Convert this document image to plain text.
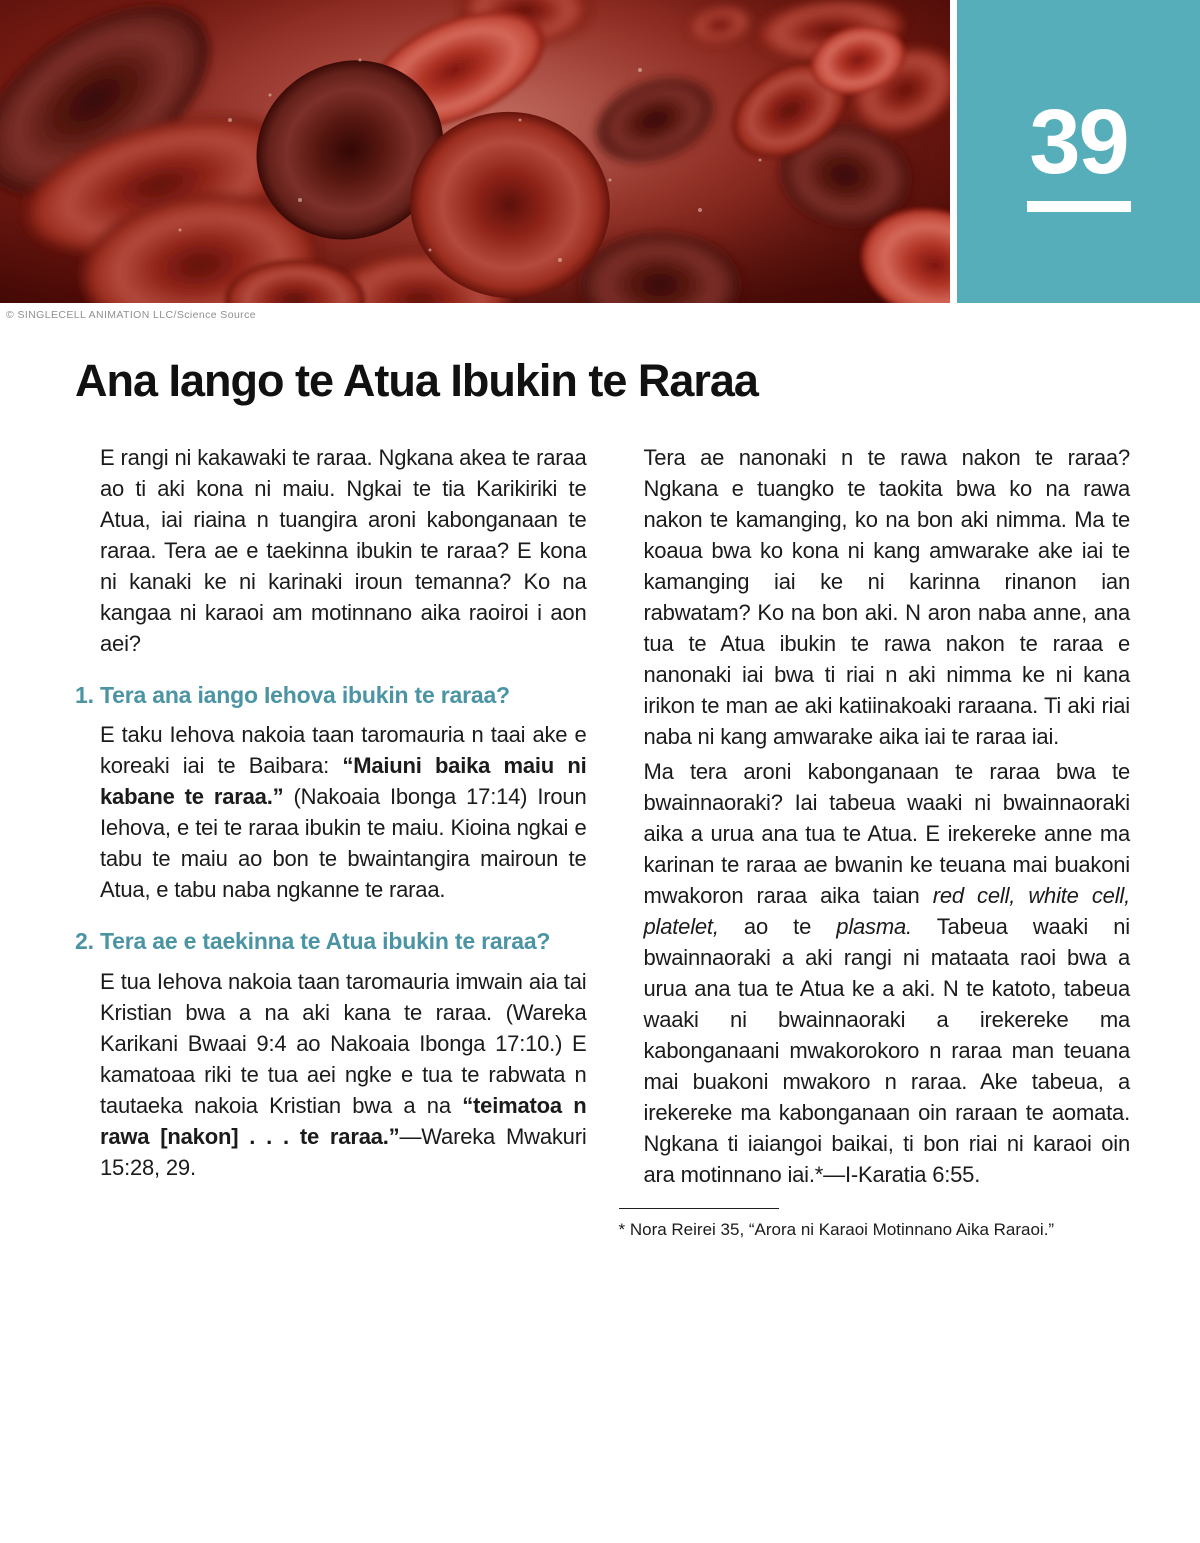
39
© SINGLECELL ANIMATION LLC/Science Source
Ana Iango te Atua Ibukin te Raraa

E rangi ni kakawaki te raraa. Ngkana akea te raraa ao ti aki kona ni maiu. Ngkai te tia Karikiriki te Atua, iai riaina n tuangira aroni kabonganaan te raraa. Tera ae e taekinna ibukin te raraa? E kona ni kanaki ke ni karinaki iroun temanna? Ko na kangaa ni karaoi am motinnano aika raoiroi i aon aei?

1. Tera ana iango Iehova ibukin te raraa?

E taku Iehova nakoia taan taromauria n taai ake e koreaki iai te Baibara: “Maiuni baika maiu ni kabane te raraa.” (Nakoaia Ibonga 17:14) Iroun Iehova, e tei te raraa ibukin te maiu. Kioina ngkai e tabu te maiu ao bon te bwaintangira mairoun te Atua, e tabu naba ngkanne te raraa.

2. Tera ae e taekinna te Atua ibukin te raraa?

E tua Iehova nakoia taan taromauria imwain aia tai Kristian bwa a na aki kana te raraa. (Wareka Karikani Bwaai 9:4 ao Nakoaia Ibonga 17:10.) E kamatoaa riki te tua aei ngke e tua te rabwata n tautaeka nakoia Kristian bwa a na “teimatoa n rawa [nakon] . . . te raraa.”—Wareka Mwakuri 15:28, 29.

Tera ae nanonaki n te rawa nakon te raraa? Ngkana e tuangko te taokita bwa ko na rawa nakon te kamanging, ko na bon aki nimma. Ma te koaua bwa ko kona ni kang amwarake ake iai te kamanging iai ke ni karinna rinanon ian rabwatam? Ko na bon aki. N aron naba anne, ana tua te Atua ibukin te rawa nakon te raraa e nanonaki iai bwa ti riai n aki nimma ke ni kana irikon te man ae aki katiinakoaki raraana. Ti aki riai naba ni kang amwarake aika iai te raraa iai.

Ma tera aroni kabonganaan te raraa bwa te bwainnaoraki? Iai tabeua waaki ni bwainnaoraki aika a urua ana tua te Atua. E irekereke anne ma karinan te raraa ae bwanin ke teuana mai buakoni mwakoron raraa aika taian red cell, white cell, platelet, ao te plasma. Tabeua waaki ni bwainnaoraki a aki rangi ni mataata raoi bwa a urua ana tua te Atua ke a aki. N te katoto, tabeua waaki ni bwainnaoraki a irekereke ma kabonganaani mwakorokoro n raraa man teuana mai buakoni mwakoro n raraa. Ake tabeua, a irekereke ma kabonganaan oin raraan te aomata. Ngkana ti iaiangoi baikai, ti bon riai ni karaoi oin ara motinnano iai.*—I-Karatia 6:55.

* Nora Reirei 35, “Arora ni Karaoi Motinnano Aika Raraoi.”
